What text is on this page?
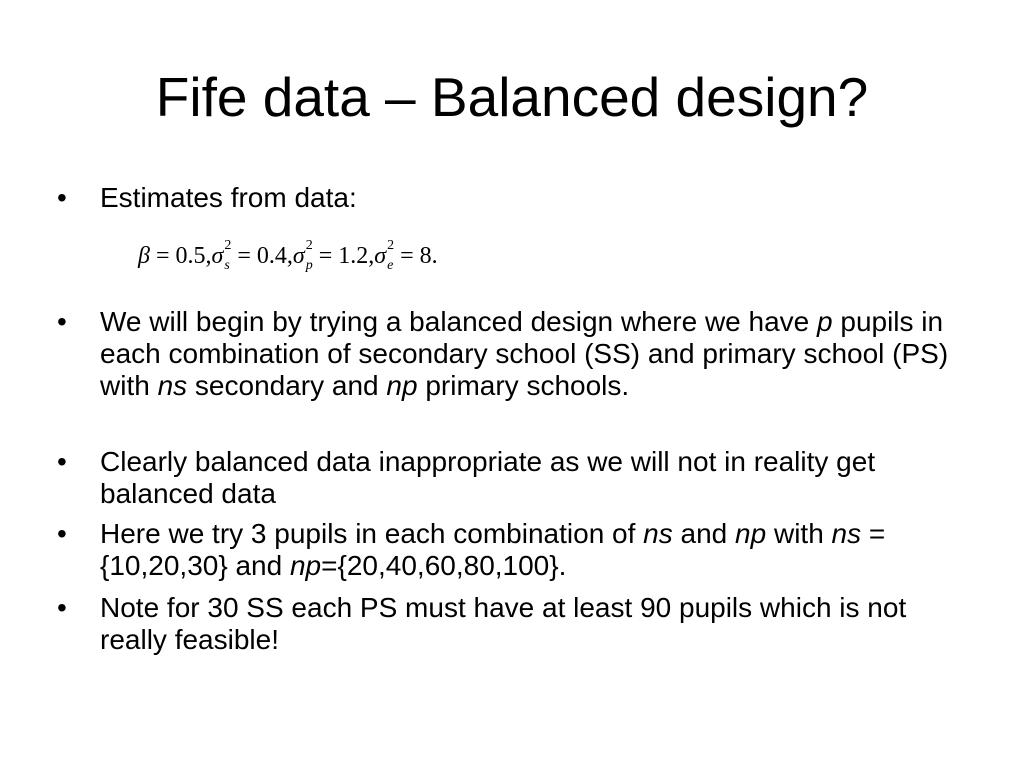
Fife data – Balanced design?
• Estimates from data:
β = 0.5,σ 2
s = 0.4,σ 2
p = 1.2,σ 2
e = 8.
• We will begin by trying a balanced design where we have p pupils in each combination of secondary school (SS) and primary school (PS) with ns secondary and np primary schools.
• Clearly balanced data inappropriate as we will not in reality get balanced data
• Here we try 3 pupils in each combination of ns and np with ns = {10,20,30} and np={20,40,60,80,100}.
• Note for 30 SS each PS must have at least 90 pupils which is not really feasible!
